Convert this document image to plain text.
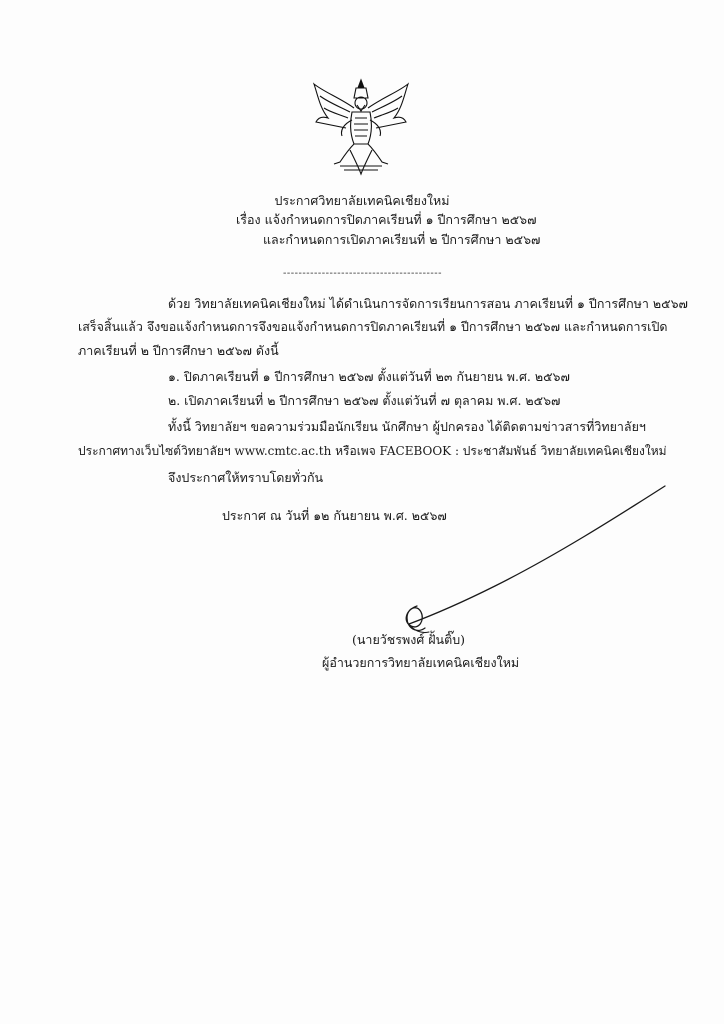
ประกาศวิทยาลัยเทคนิคเชียงใหม่
เรื่อง แจ้งกำหนดการปิดภาคเรียนที่ ๑ ปีการศึกษา ๒๕๖๗
และกำหนดการเปิดภาคเรียนที่ ๒ ปีการศึกษา ๒๕๖๗
-----------------------------------------
ด้วย วิทยาลัยเทคนิคเชียงใหม่ ได้ดำเนินการจัดการเรียนการสอน ภาคเรียนที่ ๑ ปีการศึกษา ๒๕๖๗
เสร็จสิ้นแล้ว จึงขอแจ้งกำหนดการจึงขอแจ้งกำหนดการปิดภาคเรียนที่ ๑ ปีการศึกษา ๒๕๖๗ และกำหนดการเปิด
ภาคเรียนที่ ๒ ปีการศึกษา ๒๕๖๗ ดังนี้
๑. ปิดภาคเรียนที่ ๑ ปีการศึกษา ๒๕๖๗ ตั้งแต่วันที่ ๒๓ กันยายน พ.ศ. ๒๕๖๗
๒. เปิดภาคเรียนที่ ๒ ปีการศึกษา ๒๕๖๗ ตั้งแต่วันที่ ๗ ตุลาคม พ.ศ. ๒๕๖๗
ทั้งนี้ วิทยาลัยฯ ขอความร่วมมือนักเรียน นักศึกษา ผู้ปกครอง ได้ติดตามข่าวสารที่วิทยาลัยฯ
ประกาศทางเว็บไซต์วิทยาลัยฯ www.cmtc.ac.th หรือเพจ FACEBOOK : ประชาสัมพันธ์ วิทยาลัยเทคนิคเชียงใหม่
จึงประกาศให้ทราบโดยทั่วกัน
ประกาศ ณ วันที่ ๑๒ กันยายน พ.ศ. ๒๕๖๗
(นายวัชรพงศ์ ฝั้นติ๊บ)
ผู้อำนวยการวิทยาลัยเทคนิคเชียงใหม่
